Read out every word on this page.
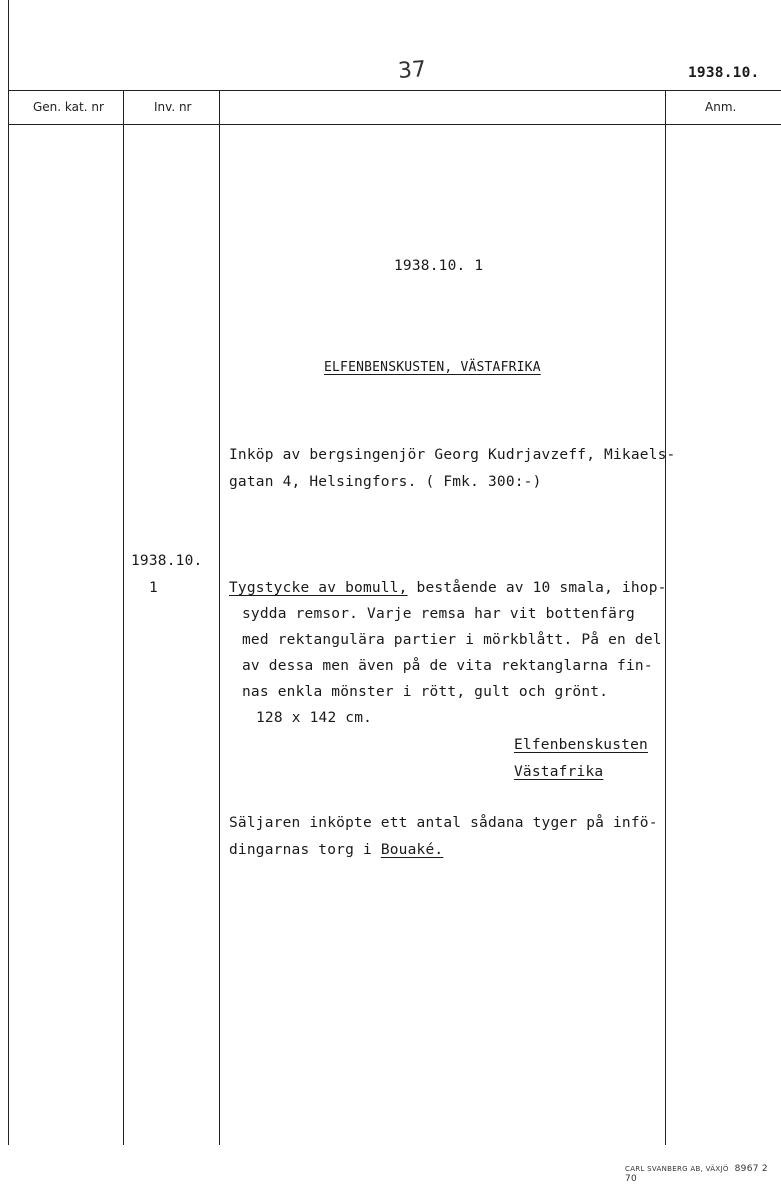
37	1938.10.
Gen. kat. nr	Inv. nr	Anm.
1938.10. 1
ELFENBENSKUSTEN, VÄSTAFRIKA
Inköp av bergsingenjör Georg Kudrjavzeff, Mikaels-
gatan 4, Helsingfors. ( Fmk. 300:-)
1938.10.
1	Tygstycke av bomull, bestående av 10 smala, ihop-
sydda remsor. Varje remsa har vit bottenfärg
med rektangulära partier i mörkblått. På en del
av dessa men även på de vita rektanglarna fin-
nas enkla mönster i rött, gult och grönt.
128 x 142 cm.
Elfenbenskusten
Västafrika
Säljaren inköpte ett antal sådana tyger på infö-
dingarnas torg i Bouaké.
CARL SVANBERG AB, VÄXJÖ 8967 2 70
